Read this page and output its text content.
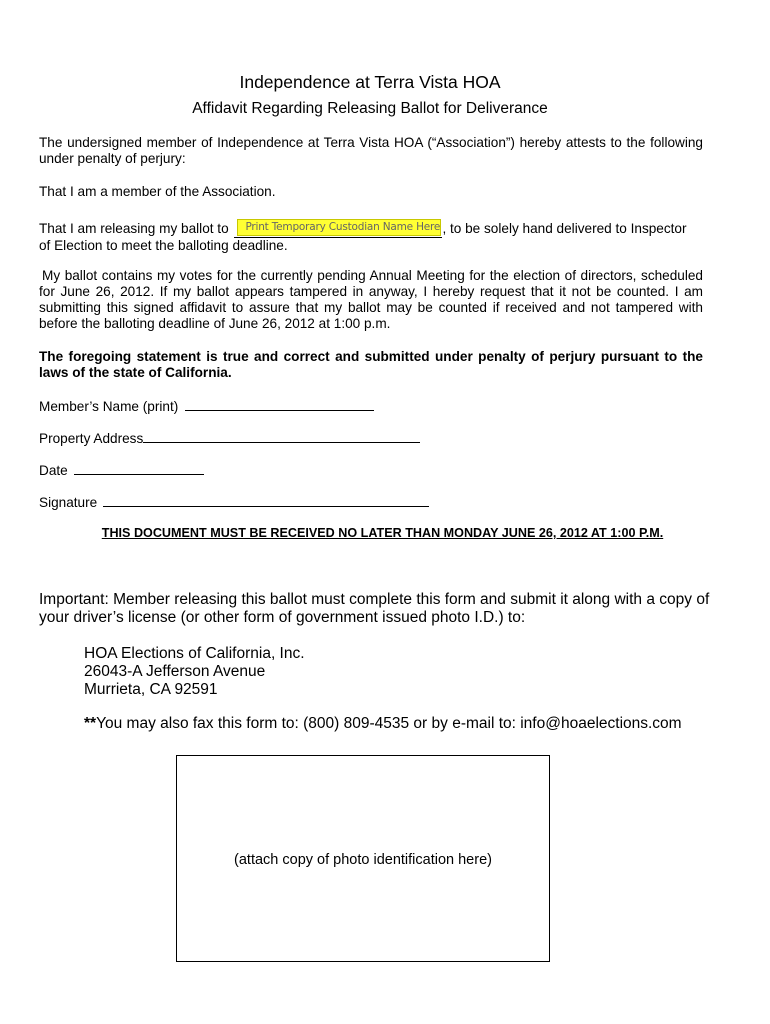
Independence at Terra Vista HOA
Affidavit Regarding Releasing Ballot for Deliverance
The undersigned member of Independence at Terra Vista HOA (“Association”) hereby attests to the following under penalty of perjury:
That I am a member of the Association.
That I am releasing my ballot to	Print Temporary Custodian Name Here , to be solely hand delivered to Inspector
of Election to meet the balloting deadline.
My ballot contains my votes for the currently pending Annual Meeting for the election of directors, scheduled for June 26, 2012. If my ballot appears tampered in anyway, I hereby request that it not be counted. I am submitting this signed affidavit to assure that my ballot may be counted if received and not tampered with before the balloting deadline of June 26, 2012 at 1:00 p.m.
The foregoing statement is true and correct and submitted under penalty of perjury pursuant to the laws of the state of California.
Member’s Name (print)
Property Address
Date
Signature
THIS DOCUMENT MUST BE RECEIVED NO LATER THAN MONDAY JUNE 26, 2012 AT 1:00 P.M.
Important: Member releasing this ballot must complete this form and submit it along with a copy of your driver’s license (or other form of government issued photo I.D.) to:
HOA Elections of California, Inc.
26043-A Jefferson Avenue
Murrieta, CA 92591
**You may also fax this form to: (800) 809-4535 or by e-mail to: info@hoaelections.com
(attach copy of photo identification here)
